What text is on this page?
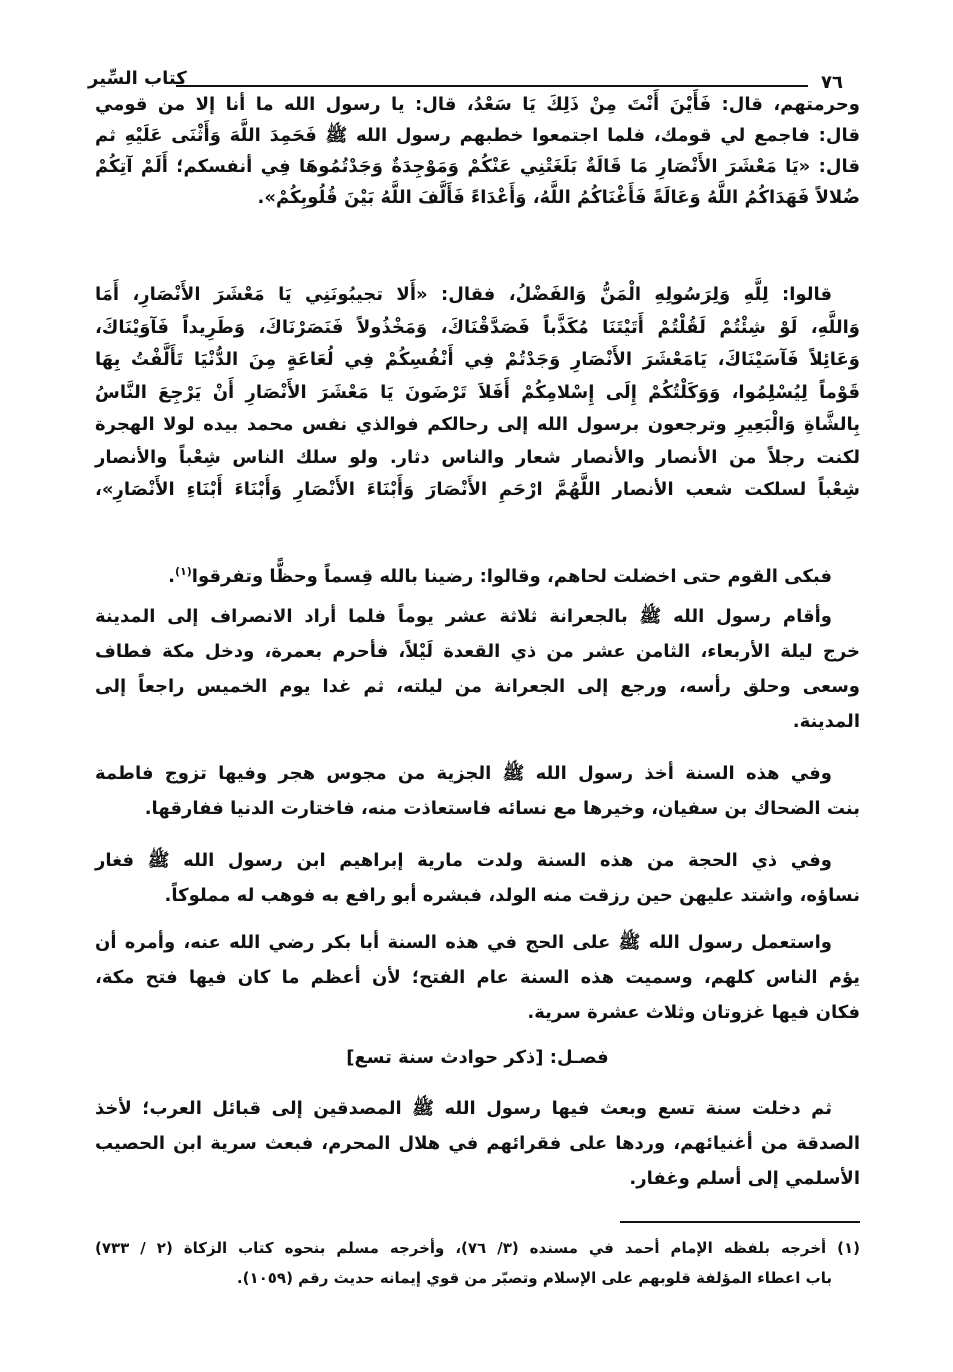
٧٦
كتاب السِّير
وحرمتهم، قال: فَأَيْنَ أَنْتَ مِنْ ذَلِكَ يَا سَعْدُ، قال: يا رسول الله ما أنا إلا من قومي
قال: فاجمع لي قومك، فلما اجتمعوا خطبهم رسول الله ﷺ فَحَمِدَ اللَّهَ وَأَثْنَى عَلَيْهِ ثم
قال: «يَا مَعْشَرَ الأَنْصَارِ مَا قَالَةٌ بَلَغَتْنِي عَنْكُمْ وَمَوْجِدَةٌ وَجَدْتُمُوهَا فِي أنفسكم؛ أَلَمْ آتِكُمْ
ضُلالاً فَهَدَاكُمُ اللَّهُ وَعَالَةً فَأَغْنَاكُمُ اللَّهُ، وَأَعْدَاءً فَأَلَّفَ اللَّهُ بَيْنَ قُلُوبِكُمْ».
قالوا: لِلَّهِ وَلِرَسُولِهِ الْمَنُّ وَالفَضْلُ، فقال: «أَلا تجيبُونَنِي يَا مَعْشَرَ الأَنْصَارِ، أَمَا
وَاللَّهِ، لَوْ شِئْتُمْ لَقُلْتُمْ أَتَيْتَنَا مُكَذَّباً فَصَدَّقْنَاكَ، وَمَخْذُولاً فَنَصَرْنَاكَ، وَطَرِيداً فَآوَيْنَاكَ،
وَعَائِلاً فَآسَيْنَاكَ، يَامَعْشَرَ الأَنْصَارِ وَجَدْتُمْ فِي أَنْفُسِكُمْ فِي لُعَاعَةٍ مِنَ الدُّنْيَا تَأَلَّفْتُ بِهَا
قَوْماً لِيُسْلِمُوا، وَوَكَلْتُكُمْ إِلَى إِسْلامِكُمْ أَفَلاَ تَرْضَونَ يَا مَعْشَرَ الأَنْصَارِ أَنْ يَرْجِعَ النَّاسُ
بِالشَّاةِ وَالْبَعِيرِ وترجعون برسول الله إلى رحالكم فوالذي نفس محمد بيده لولا الهجرة
لكنت رجلاً من الأنصار والأنصار شعار والناس دثار. ولو سلك الناس شِعْباً والأنصار
شِعْباً لسلكت شعب الأنصار اللَّهُمَّ ارْحَمِ الأَنْصَارَ وَأَبْنَاءَ الأَنْصَارِ وَأَبْنَاءَ أَبْنَاءِ الأَنْصَارِ»،
فبكى القوم حتى اخضلت لحاهم، وقالوا: رضينا بالله قِسماً وحظًّا وتفرقوا$^{(١)}$.
وأقام رسول الله ﷺ بالجعرانة ثلاثة عشر يوماً فلما أراد الانصراف إلى المدينة
خرج ليلة الأربعاء، الثامن عشر من ذي القعدة لَيْلاً، فأحرم بعمرة، ودخل مكة فطاف
وسعى وحلق رأسه، ورجع إلى الجعرانة من ليلته، ثم غدا يوم الخميس راجعاً إلى
المدينة.
وفي هذه السنة أخذ رسول الله ﷺ الجزية من مجوس هجر وفيها تزوج فاطمة
بنت الضحاك بن سفيان، وخيرها مع نسائه فاستعاذت منه، فاختارت الدنيا ففارقها.
وفي ذي الحجة من هذه السنة ولدت مارية إبراهيم ابن رسول الله ﷺ فغار
نساؤه، واشتد عليهن حين رزقت منه الولد، فبشره أبو رافع به فوهب له مملوكاً.
واستعمل رسول الله ﷺ على الحج في هذه السنة أبا بكر رضي الله عنه، وأمره أن
يؤم الناس كلهم، وسميت هذه السنة عام الفتح؛ لأن أعظم ما كان فيها فتح مكة،
فكان فيها غزوتان وثلاث عشرة سرية.
ثم دخلت سنة تسع وبعث فيها رسول الله ﷺ المصدقين إلى قبائل العرب؛ لأخذ
الصدقة من أغنيائهم، وردها على فقرائهم في هلال المحرم، فبعث سرية ابن الحصيب
الأسلمي إلى أسلم وغفار.
فصـل: [ذكر حوادث سنة تسع]
(١) أخرجه بلفظه الإمام أحمد في مسنده (٣/ ٧٦)، وأخرجه مسلم بنحوه كتاب الزكاة (٢ / ٧٣٣)
باب اعطاء المؤلفة قلوبهم على الإسلام وتصبّر من قوي إيمانه حديث رقم (١٠٥٩).
